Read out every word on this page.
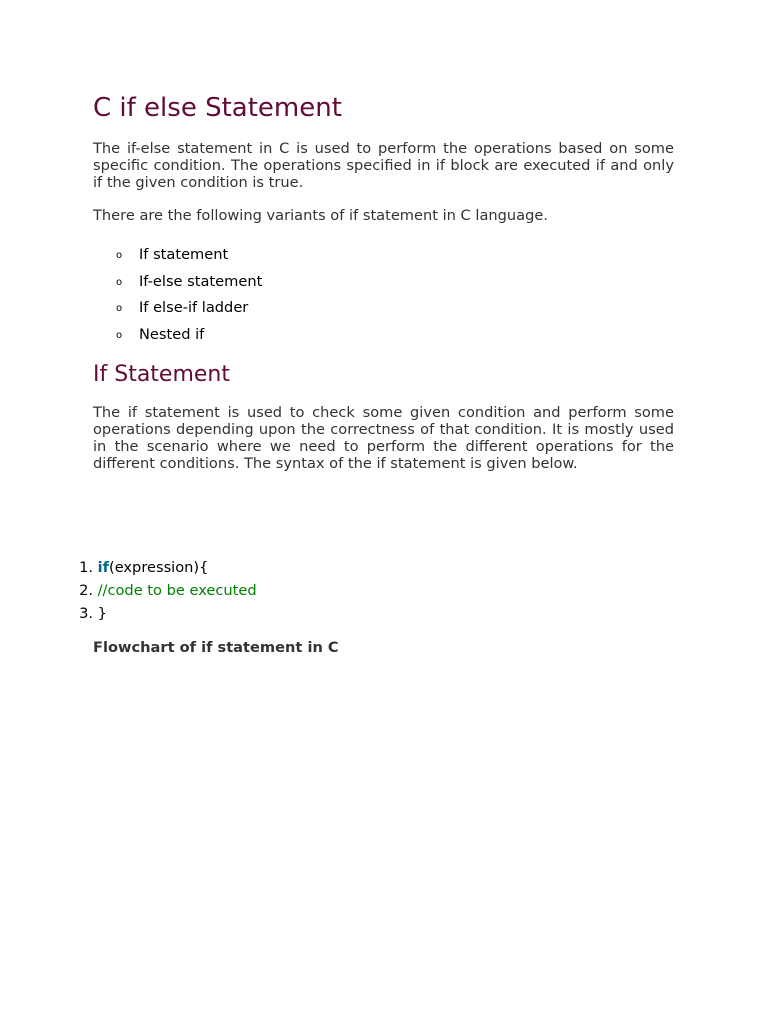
C if else Statement

The if-else statement in C is used to perform the operations based on some specific condition. The operations specified in if block are executed if and only if the given condition is true.

There are the following variants of if statement in C language.

o If statement
o If-else statement
o If else-if ladder
o Nested if
If Statement

The if statement is used to check some given condition and perform some operations depending upon the correctness of that condition. It is mostly used in the scenario where we need to perform the different operations for the different conditions. The syntax of the if statement is given below.

1. if(expression){
2. //code to be executed
3. }

Flowchart of if statement in C
